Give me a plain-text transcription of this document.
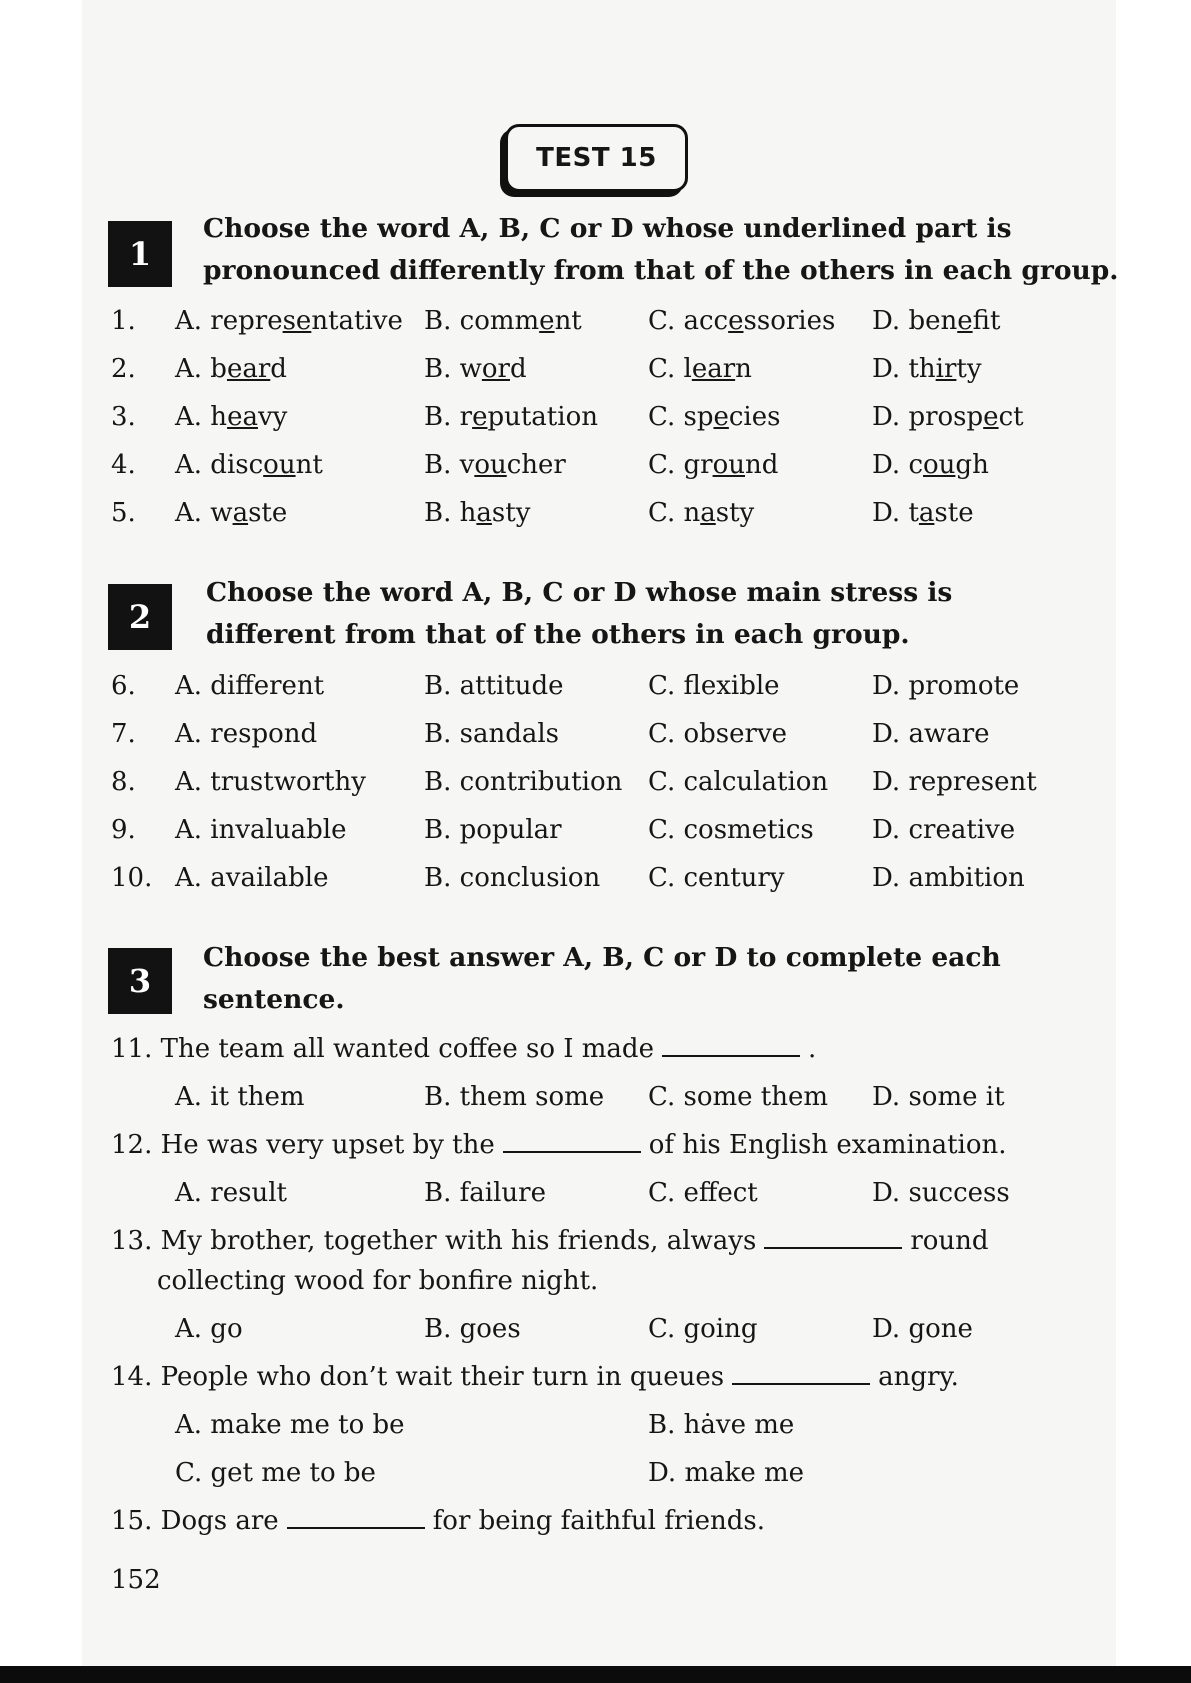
TEST 15
1
Choose the word A, B, C or D whose underlined part is
pronounced differently from that of the others in each group.
1. A. representative B. comment	C. accessories D. benefit
2. A. beard	B. word	C. learn	D. thirty
3. A. heavy	B. reputation C. species	D. prospect
4. A. discount	B. voucher	C. ground	D. cough
5. A. waste	B. hasty	C. nasty	D. taste
2
Choose the word A, B, C or D whose main stress is
different from that of the others in each group.
6. A. different	B. attitude	C. flexible	D. promote
7. A. respond	B. sandals	C. observe	D. aware
8. A. trustworthy B. contribution C. calculation D. represent
9. A. invaluable	B. popular	C. cosmetics D. creative
10. A. available	B. conclusion C. century	D. ambition
3
Choose the best answer A, B, C or D to complete each
sentence.
11. The team all wanted coffee so I made	.
A. it them	B. them some C. some them D. some it
12. He was very upset by the	of his English examination.
A. result	B. failure	C. effect	D. success
13. My brother, together with his friends, always	round
collecting wood for bonfire night.
A. go	B. goes	C. going	D. gone
14. People who don’t wait their turn in queues	angry.
A. make me to be	B. hȧve me
C. get me to be	D. make me
15. Dogs are	for being faithful friends.
152
